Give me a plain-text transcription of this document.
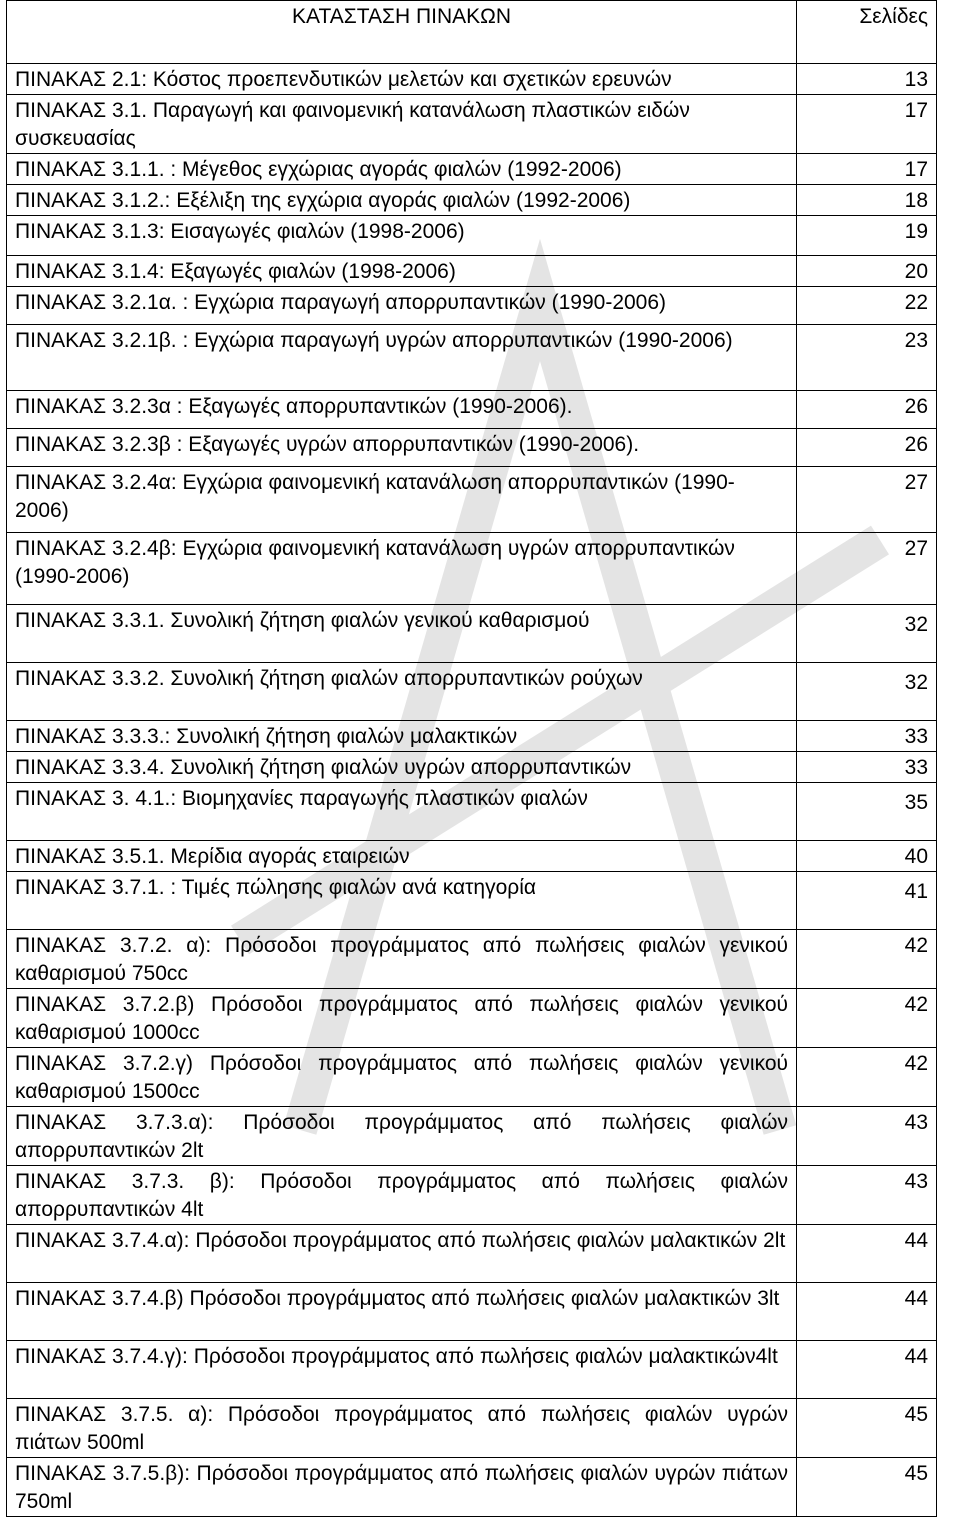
ΚΑΤΑΣΤΑΣΗ ΠΙΝΑΚΩΝ	Σελίδες
ΠΙΝΑΚΑΣ 2.1: Κόστος προεπενδυτικών μελετών και σχετικών ερευνών	13
ΠΙΝΑΚΑΣ 3.1. Παραγωγή και φαινομενική κατανάλωση πλαστικών ειδών συσκευασίας	17
ΠΙΝΑΚΑΣ 3.1.1. : Μέγεθος εγχώριας αγοράς φιαλών (1992-2006)	17
ΠΙΝΑΚΑΣ 3.1.2.: Εξέλιξη της εγχώρια αγοράς φιαλών (1992-2006)	18
ΠΙΝΑΚΑΣ 3.1.3: Εισαγωγές φιαλών (1998-2006)	19
ΠΙΝΑΚΑΣ 3.1.4: Εξαγωγές φιαλών (1998-2006)	20
ΠΙΝΑΚΑΣ 3.2.1α. : Εγχώρια παραγωγή απορρυπαντικών (1990-2006)	22
ΠΙΝΑΚΑΣ 3.2.1β. : Εγχώρια παραγωγή υγρών απορρυπαντικών (1990-2006)	23
ΠΙΝΑΚΑΣ 3.2.3α : Εξαγωγές απορρυπαντικών (1990-2006).	26
ΠΙΝΑΚΑΣ 3.2.3β : Εξαγωγές υγρών απορρυπαντικών (1990-2006).	26
ΠΙΝΑΚΑΣ 3.2.4α: Εγχώρια φαινομενική κατανάλωση απορρυπαντικών (1990-2006)	27
ΠΙΝΑΚΑΣ 3.2.4β: Εγχώρια φαινομενική κατανάλωση υγρών απορρυπαντικών (1990-2006)	27
ΠΙΝΑΚΑΣ 3.3.1. Συνολική ζήτηση φιαλών γενικού καθαρισμού	32
ΠΙΝΑΚΑΣ 3.3.2. Συνολική ζήτηση φιαλών απορρυπαντικών ρούχων	32
ΠΙΝΑΚΑΣ 3.3.3.: Συνολική ζήτηση φιαλών μαλακτικών	33
ΠΙΝΑΚΑΣ 3.3.4. Συνολική ζήτηση φιαλών υγρών απορρυπαντικών	33
ΠΙΝΑΚΑΣ 3. 4.1.: Βιομηχανίες παραγωγής πλαστικών φιαλών	35
ΠΙΝΑΚΑΣ 3.5.1. Μερίδια αγοράς εταιρειών	40
ΠΙΝΑΚΑΣ 3.7.1. : Τιμές πώλησης φιαλών ανά κατηγορία	41
ΠΙΝΑΚΑΣ 3.7.2. α): Πρόσοδοι προγράμματος από πωλήσεις φιαλών γενικού καθαρισμού 750cc	42
ΠΙΝΑΚΑΣ 3.7.2.β) Πρόσοδοι προγράμματος από πωλήσεις φιαλών γενικού καθαρισμού 1000cc	42
ΠΙΝΑΚΑΣ 3.7.2.γ) Πρόσοδοι προγράμματος από πωλήσεις φιαλών γενικού καθαρισμού 1500cc	42
ΠΙΝΑΚΑΣ 3.7.3.α): Πρόσοδοι προγράμματος από πωλήσεις φιαλών απορρυπαντικών 2lt	43
ΠΙΝΑΚΑΣ 3.7.3. β): Πρόσοδοι προγράμματος από πωλήσεις φιαλών απορρυπαντικών 4lt	43
ΠΙΝΑΚΑΣ 3.7.4.α): Πρόσοδοι προγράμματος από πωλήσεις φιαλών μαλακτικών 2lt	44
ΠΙΝΑΚΑΣ 3.7.4.β) Πρόσοδοι προγράμματος από πωλήσεις φιαλών μαλακτικών 3lt	44
ΠΙΝΑΚΑΣ 3.7.4.γ): Πρόσοδοι προγράμματος από πωλήσεις φιαλών μαλακτικών4lt	44
ΠΙΝΑΚΑΣ 3.7.5. α): Πρόσοδοι προγράμματος από πωλήσεις φιαλών υγρών πιάτων 500ml	45
ΠΙΝΑΚΑΣ 3.7.5.β): Πρόσοδοι προγράμματος από πωλήσεις φιαλών υγρών πιάτων 750ml	45
